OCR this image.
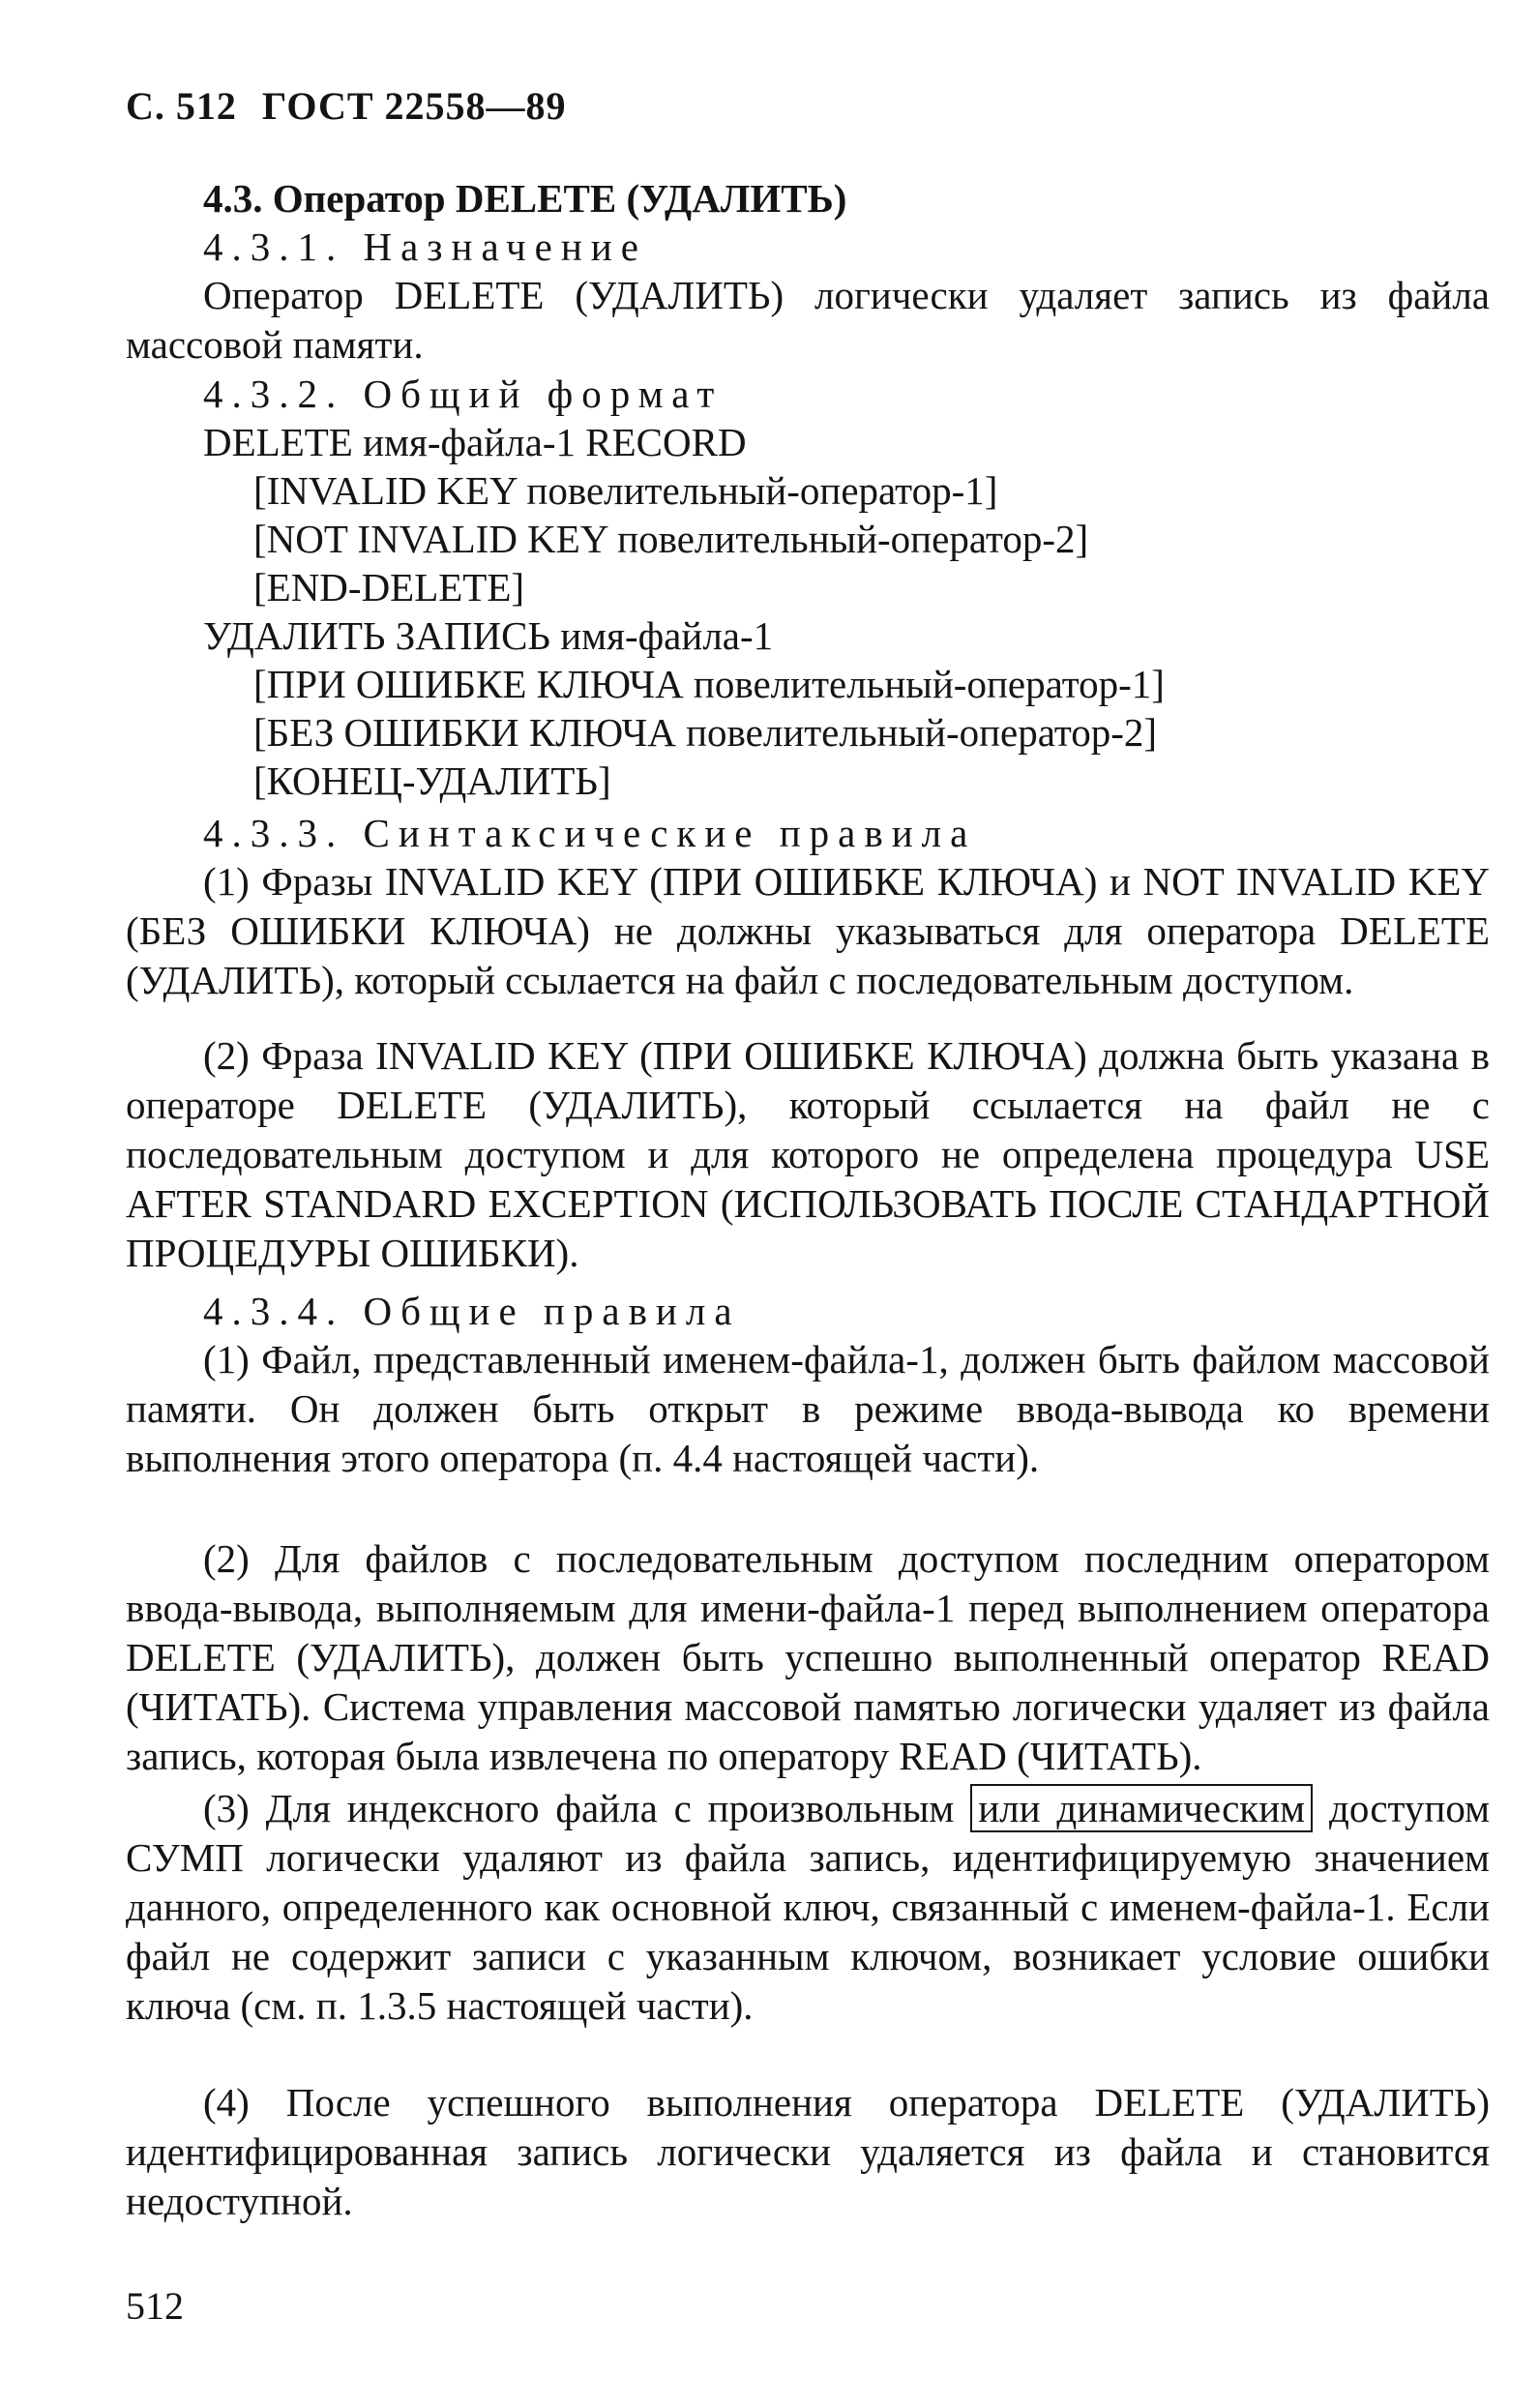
С. 512 ГОСТ 22558—89
4.3. Оператор DELETE (УДАЛИТЬ)
4.3.1. Назначение
Оператор DELETE (УДАЛИТЬ) логически удаляет запись из файла массовой памяти.
4.3.2. Общий формат
DELETE имя-файла-1 RECORD
[INVALID KEY повелительный-оператор-1]
[NOT INVALID KEY повелительный-оператор-2]
[END-DELETE]
УДАЛИТЬ ЗАПИСЬ имя-файла-1
[ПРИ ОШИБКЕ КЛЮЧА повелительный-оператор-1]
[БЕЗ ОШИБКИ КЛЮЧА повелительный-оператор-2]
[КОНЕЦ-УДАЛИТЬ]
4.3.3. Синтаксические правила
(1) Фразы INVALID KEY (ПРИ ОШИБКЕ КЛЮЧА) и NOT INVALID KEY (БЕЗ ОШИБКИ КЛЮЧА) не должны указываться для оператора DELETE (УДАЛИТЬ), который ссылается на файл с последовательным доступом.
(2) Фраза INVALID KEY (ПРИ ОШИБКЕ КЛЮЧА) должна быть указана в операторе DELETE (УДАЛИТЬ), который ссылается на файл не с последовательным доступом и для которого не определена процедура USE AFTER STANDARD EXCEPTION (ИСПОЛЬЗОВАТЬ ПОСЛЕ СТАНДАРТНОЙ ПРОЦЕДУРЫ ОШИБКИ).
4.3.4. Общие правила
(1) Файл, представленный именем-файла-1, должен быть файлом массовой памяти. Он должен быть открыт в режиме ввода-вывода ко времени выполнения этого оператора (п. 4.4 настоящей части).
(2) Для файлов с последовательным доступом последним оператором ввода-вывода, выполняемым для имени-файла-1 перед выполнением оператора DELETE (УДАЛИТЬ), должен быть успешно выполненный оператор READ (ЧИТАТЬ). Система управления массовой памятью логически удаляет из файла запись, которая была извлечена по оператору READ (ЧИТАТЬ).
(3) Для индексного файла с произвольным или динамическим доступом СУМП логически удаляют из файла запись, идентифицируемую значением данного, определенного как основной ключ, связанный с именем-файла-1. Если файл не содержит записи с указанным ключом, возникает условие ошибки ключа (см. п. 1.3.5 настоящей части).
(4) После успешного выполнения оператора DELETE (УДАЛИТЬ) идентифицированная запись логически удаляется из файла и становится недоступной.
512
